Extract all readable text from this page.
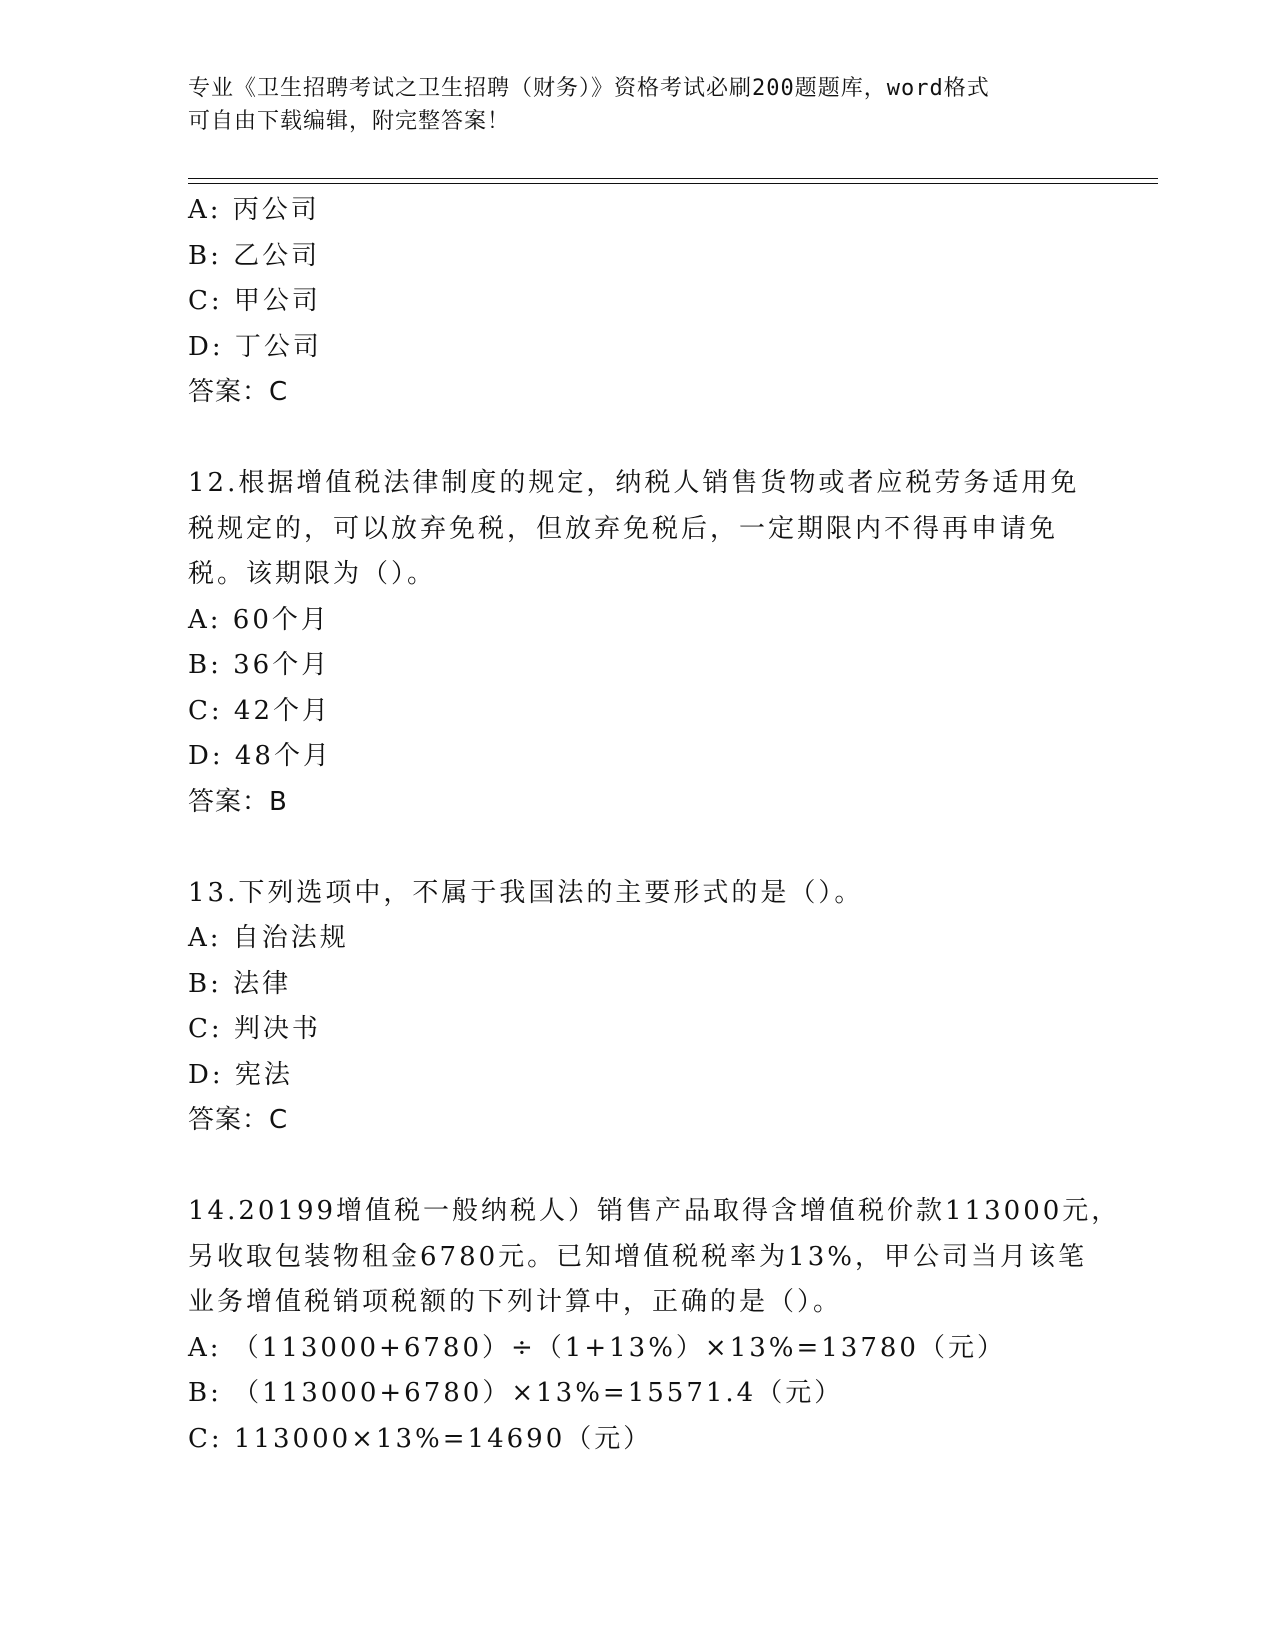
专业《卫生招聘考试之卫生招聘（财务）》资格考试必刷200题题库，word格式
可自由下载编辑，附完整答案！
A: 丙公司
B: 乙公司
C: 甲公司
D: 丁公司
答案：C
12.根据增值税法律制度的规定，纳税人销售货物或者应税劳务适用免
税规定的，可以放弃免税，但放弃免税后，一定期限内不得再申请免
税。该期限为（）。
A: 60个月
B: 36个月
C: 42个月
D: 48个月
答案：B
13.下列选项中，不属于我国法的主要形式的是（）。
A: 自治法规
B: 法律
C: 判决书
D: 宪法
答案：C
14.20199增值税一般纳税人）销售产品取得含增值税价款113000元，
另收取包装物租金6780元。已知增值税税率为13%，甲公司当月该笔
业务增值税销项税额的下列计算中，正确的是（）。
A: （113000+6780）÷（1+13%）×13%=13780（元）
B: （113000+6780）×13%=15571.4（元）
C: 113000×13%=14690（元）
